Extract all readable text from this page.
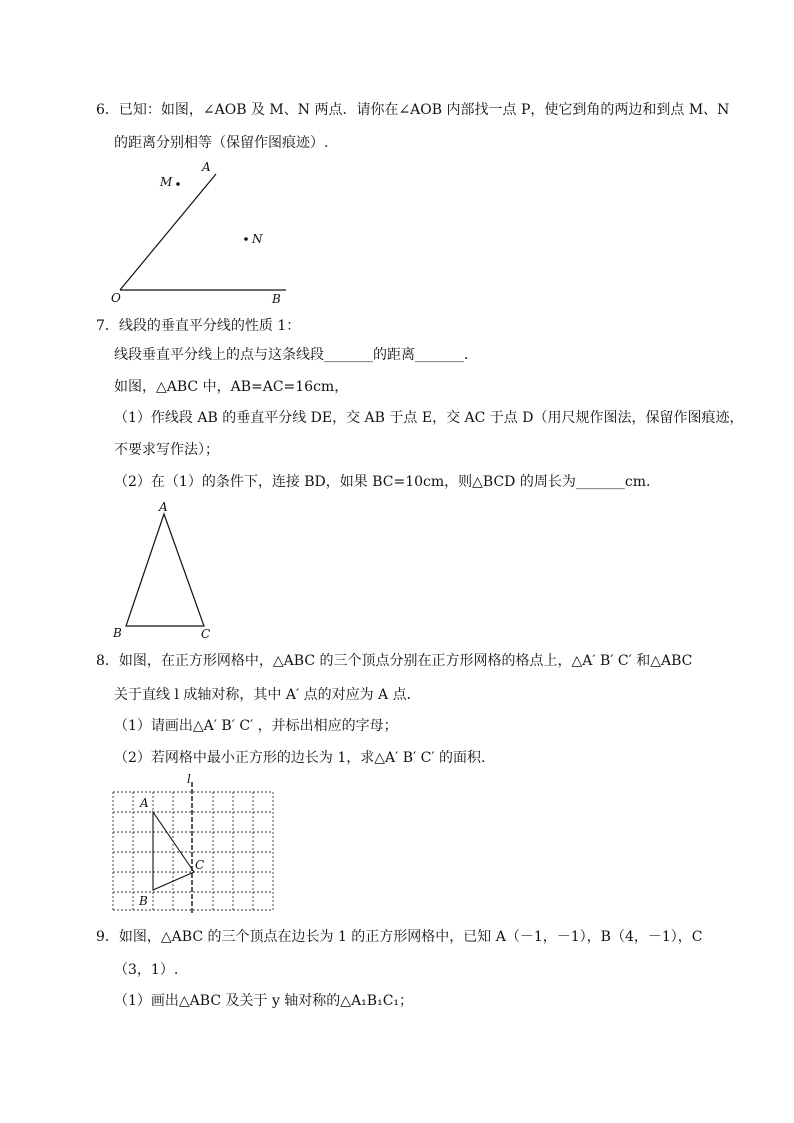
6．已知：如图，∠AOB 及 M、N 两点．请你在∠AOB 内部找一点 P，使它到角的两边和到点 M、N
的距离分别相等（保留作图痕迹）.
O
A
B
M
N
7．线段的垂直平分线的性质 1：
线段垂直平分线上的点与这条线段_______的距离_______．
如图，△ABC 中，AB=AC=16cm，
（1）作线段 AB 的垂直平分线 DE，交 AB 于点 E，交 AC 于点 D（用尺规作图法，保留作图痕迹，
不要求写作法）；
（2）在（1）的条件下，连接 BD，如果 BC=10cm，则△BCD 的周长为_______cm.
A
B	C
8．如图，在正方形网格中，△ABC 的三个顶点分别在正方形网格的格点上，△A′ B′ C′ 和△ABC
关于直线 l 成轴对称，其中 A′ 点的对应为 A 点．
（1）请画出△A′ B′ C′ ，并标出相应的字母；
（2）若网格中最小正方形的边长为 1，求△A′ B′ C′ 的面积.
l
A
B
C
9．如图，△ABC 的三个顶点在边长为 1 的正方形网格中，已知 A（－1，－1），B（4，－1），C
（3，1）.
（1）画出△ABC 及关于 y 轴对称的△A₁B₁C₁；
